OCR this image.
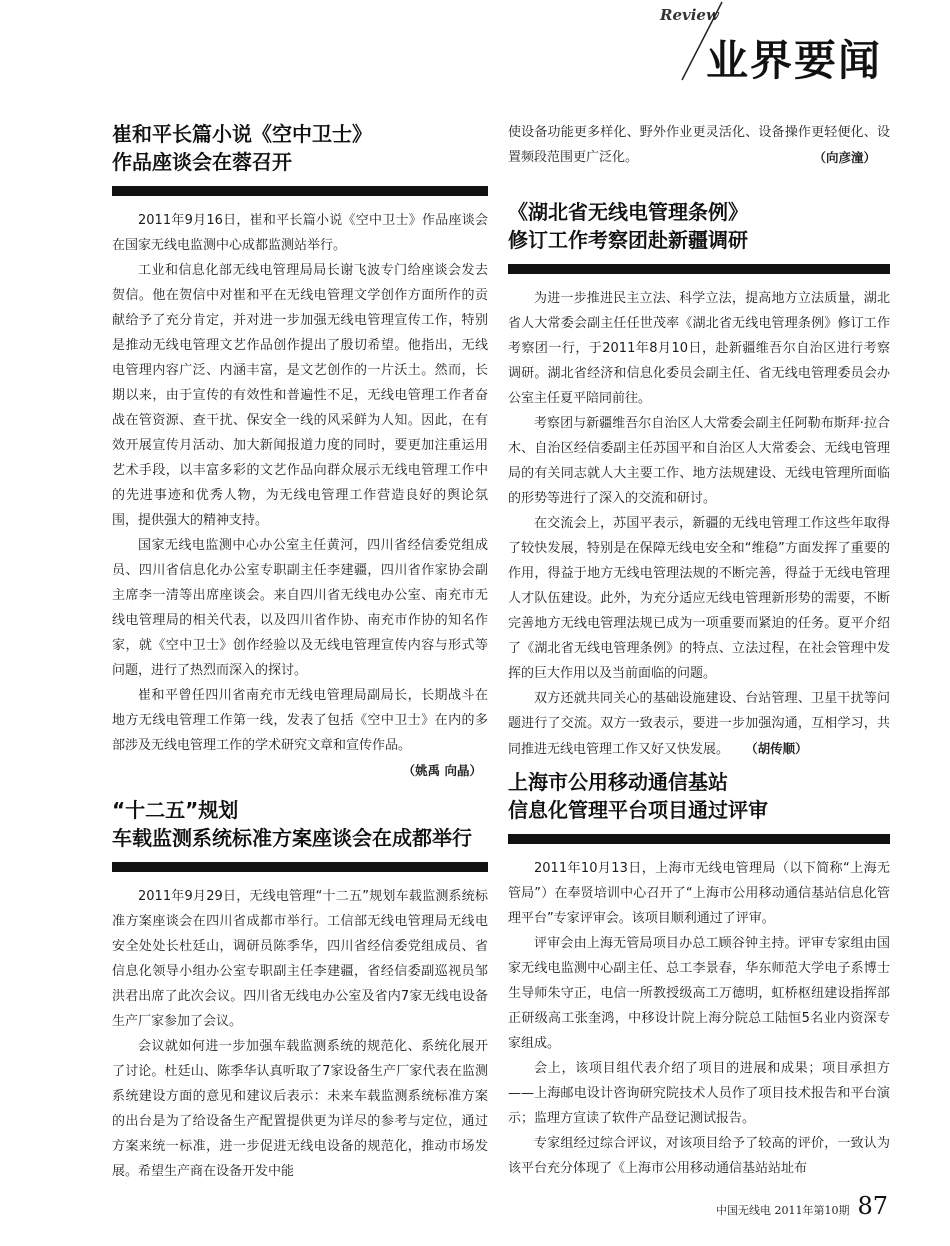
Review
业界要闻
崔和平长篇小说《空中卫士》
作品座谈会在蓉召开

2011年9月16日，崔和平长篇小说《空中卫士》作品座谈会在国家无线电监测中心成都监测站举行。

工业和信息化部无线电管理局局长谢飞波专门给座谈会发去贺信。他在贺信中对崔和平在无线电管理文学创作方面所作的贡献给予了充分肯定，并对进一步加强无线电管理宣传工作，特别是推动无线电管理文艺作品创作提出了殷切希望。他指出，无线电管理内容广泛、内涵丰富，是文艺创作的一片沃土。然而，长期以来，由于宣传的有效性和普遍性不足，无线电管理工作者奋战在管资源、查干扰、保安全一线的风采鲜为人知。因此，在有效开展宣传月活动、加大新闻报道力度的同时，要更加注重运用艺术手段，以丰富多彩的文艺作品向群众展示无线电管理工作中的先进事迹和优秀人物，为无线电管理工作营造良好的舆论氛围，提供强大的精神支持。

国家无线电监测中心办公室主任黄河，四川省经信委党组成员、四川省信息化办公室专职副主任李建疆，四川省作家协会副主席李一清等出席座谈会。来自四川省无线电办公室、南充市无线电管理局的相关代表，以及四川省作协、南充市作协的知名作家，就《空中卫士》创作经验以及无线电管理宣传内容与形式等问题，进行了热烈而深入的探讨。

崔和平曾任四川省南充市无线电管理局副局长，长期战斗在地方无线电管理工作第一线，发表了包括《空中卫士》在内的多部涉及无线电管理工作的学术研究文章和宣传作品。

（姚禹 向晶）

“十二五”规划
车载监测系统标准方案座谈会在成都举行

2011年9月29日，无线电管理“十二五”规划车载监测系统标准方案座谈会在四川省成都市举行。工信部无线电管理局无线电安全处处长杜廷山，调研员陈季华，四川省经信委党组成员、省信息化领导小组办公室专职副主任李建疆，省经信委副巡视员邹洪君出席了此次会议。四川省无线电办公室及省内7家无线电设备生产厂家参加了会议。

会议就如何进一步加强车载监测系统的规范化、系统化展开了讨论。杜廷山、陈季华认真听取了7家设备生产厂家代表在监测系统建设方面的意见和建议后表示：未来车载监测系统标准方案的出台是为了给设备生产配置提供更为详尽的参考与定位，通过方案来统一标准，进一步促进无线电设备的规范化，推动市场发展。希望生产商在设备开发中能

使设备功能更多样化、野外作业更灵活化、设备操作更轻便化、设置频段范围更广泛化。	（向彦潼）

《湖北省无线电管理条例》
修订工作考察团赴新疆调研

为进一步推进民主立法、科学立法，提高地方立法质量，湖北省人大常委会副主任任世茂率《湖北省无线电管理条例》修订工作考察团一行，于2011年8月10日，赴新疆维吾尔自治区进行考察调研。湖北省经济和信息化委员会副主任、省无线电管理委员会办公室主任夏平陪同前往。

考察团与新疆维吾尔自治区人大常委会副主任阿勒布斯拜·拉合木、自治区经信委副主任苏国平和自治区人大常委会、无线电管理局的有关同志就人大主要工作、地方法规建设、无线电管理所面临的形势等进行了深入的交流和研讨。

在交流会上，苏国平表示，新疆的无线电管理工作这些年取得了较快发展，特别是在保障无线电安全和“维稳”方面发挥了重要的作用，得益于地方无线电管理法规的不断完善，得益于无线电管理人才队伍建设。此外，为充分适应无线电管理新形势的需要，不断完善地方无线电管理法规已成为一项重要而紧迫的任务。夏平介绍了《湖北省无线电管理条例》的特点、立法过程，在社会管理中发挥的巨大作用以及当前面临的问题。

双方还就共同关心的基础设施建设、台站管理、卫星干扰等问题进行了交流。双方一致表示，要进一步加强沟通，互相学习，共同推进无线电管理工作又好又快发展。 （胡传顺）

上海市公用移动通信基站
信息化管理平台项目通过评审

2011年10月13日，上海市无线电管理局（以下简称“上海无管局”）在奉贤培训中心召开了“上海市公用移动通信基站信息化管理平台”专家评审会。该项目顺利通过了评审。

评审会由上海无管局项目办总工顾谷钟主持。评审专家组由国家无线电监测中心副主任、总工李景春，华东师范大学电子系博士生导师朱守正，电信一所教授级高工万德明，虹桥枢纽建设指挥部正研级高工张奎鸿，中移设计院上海分院总工陆恒5名业内资深专家组成。

会上，该项目组代表介绍了项目的进展和成果；项目承担方——上海邮电设计咨询研究院技术人员作了项目技术报告和平台演示；监理方宣读了软件产品登记测试报告。

专家组经过综合评议，对该项目给予了较高的评价，一致认为该平台充分体现了《上海市公用移动通信基站站址布

中国无线电 2011年第10期 87
